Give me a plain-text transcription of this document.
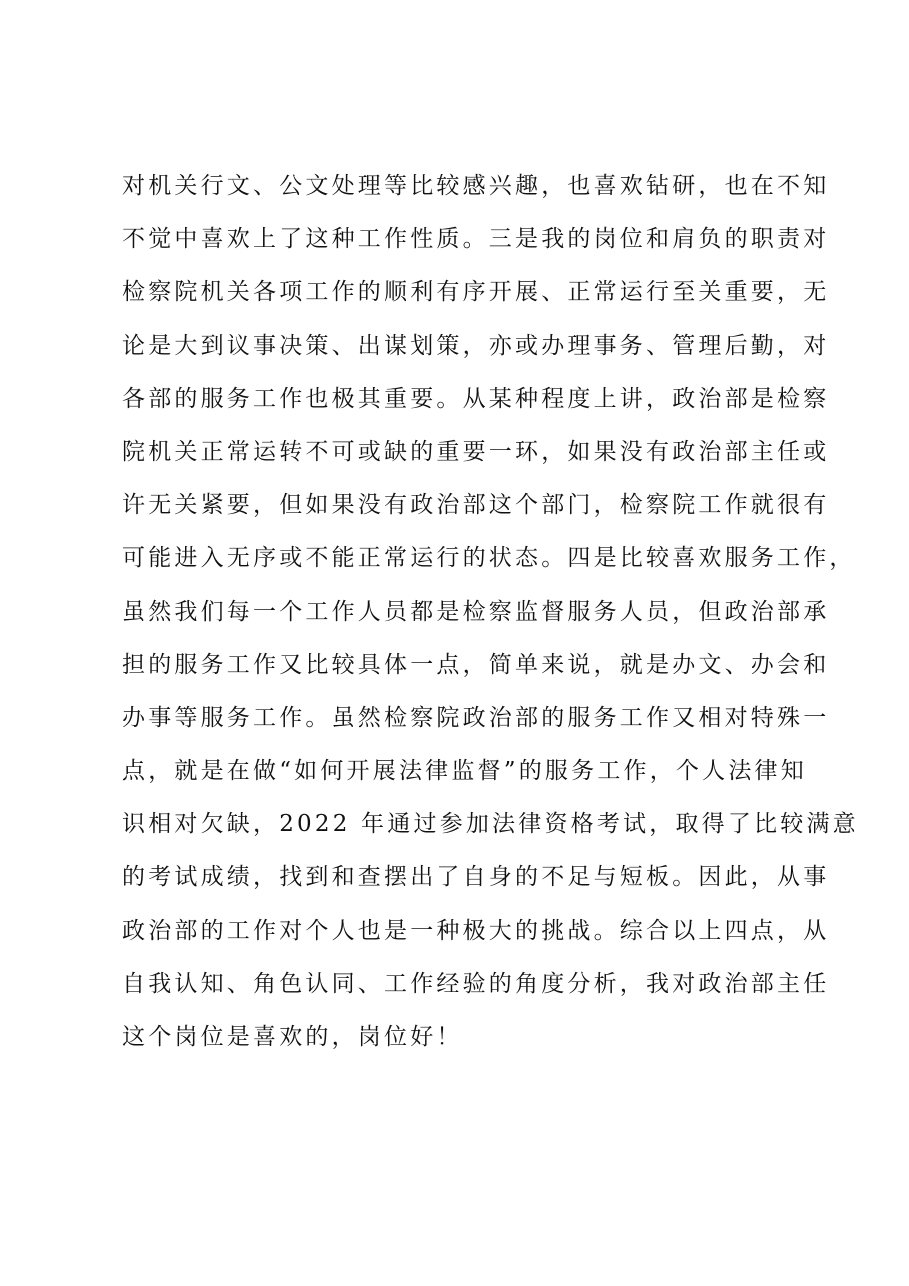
对机关行文、公文处理等比较感兴趣，也喜欢钻研，也在不知
不觉中喜欢上了这种工作性质。三是我的岗位和肩负的职责对
检察院机关各项工作的顺利有序开展、正常运行至关重要，无
论是大到议事决策、出谋划策，亦或办理事务、管理后勤，对
各部的服务工作也极其重要。从某种程度上讲，政治部是检察
院机关正常运转不可或缺的重要一环，如果没有政治部主任或
许无关紧要，但如果没有政治部这个部门，检察院工作就很有
可能进入无序或不能正常运行的状态。四是比较喜欢服务工作，
虽然我们每一个工作人员都是检察监督服务人员，但政治部承
担的服务工作又比较具体一点，简单来说，就是办文、办会和
办事等服务工作。虽然检察院政治部的服务工作又相对特殊一
点，就是在做“如何开展法律监督”的服务工作，个人法律知
识相对欠缺，2022 年通过参加法律资格考试，取得了比较满意
的考试成绩，找到和查摆出了自身的不足与短板。因此，从事
政治部的工作对个人也是一种极大的挑战。综合以上四点，从
自我认知、角色认同、工作经验的角度分析，我对政治部主任
这个岗位是喜欢的，岗位好！
